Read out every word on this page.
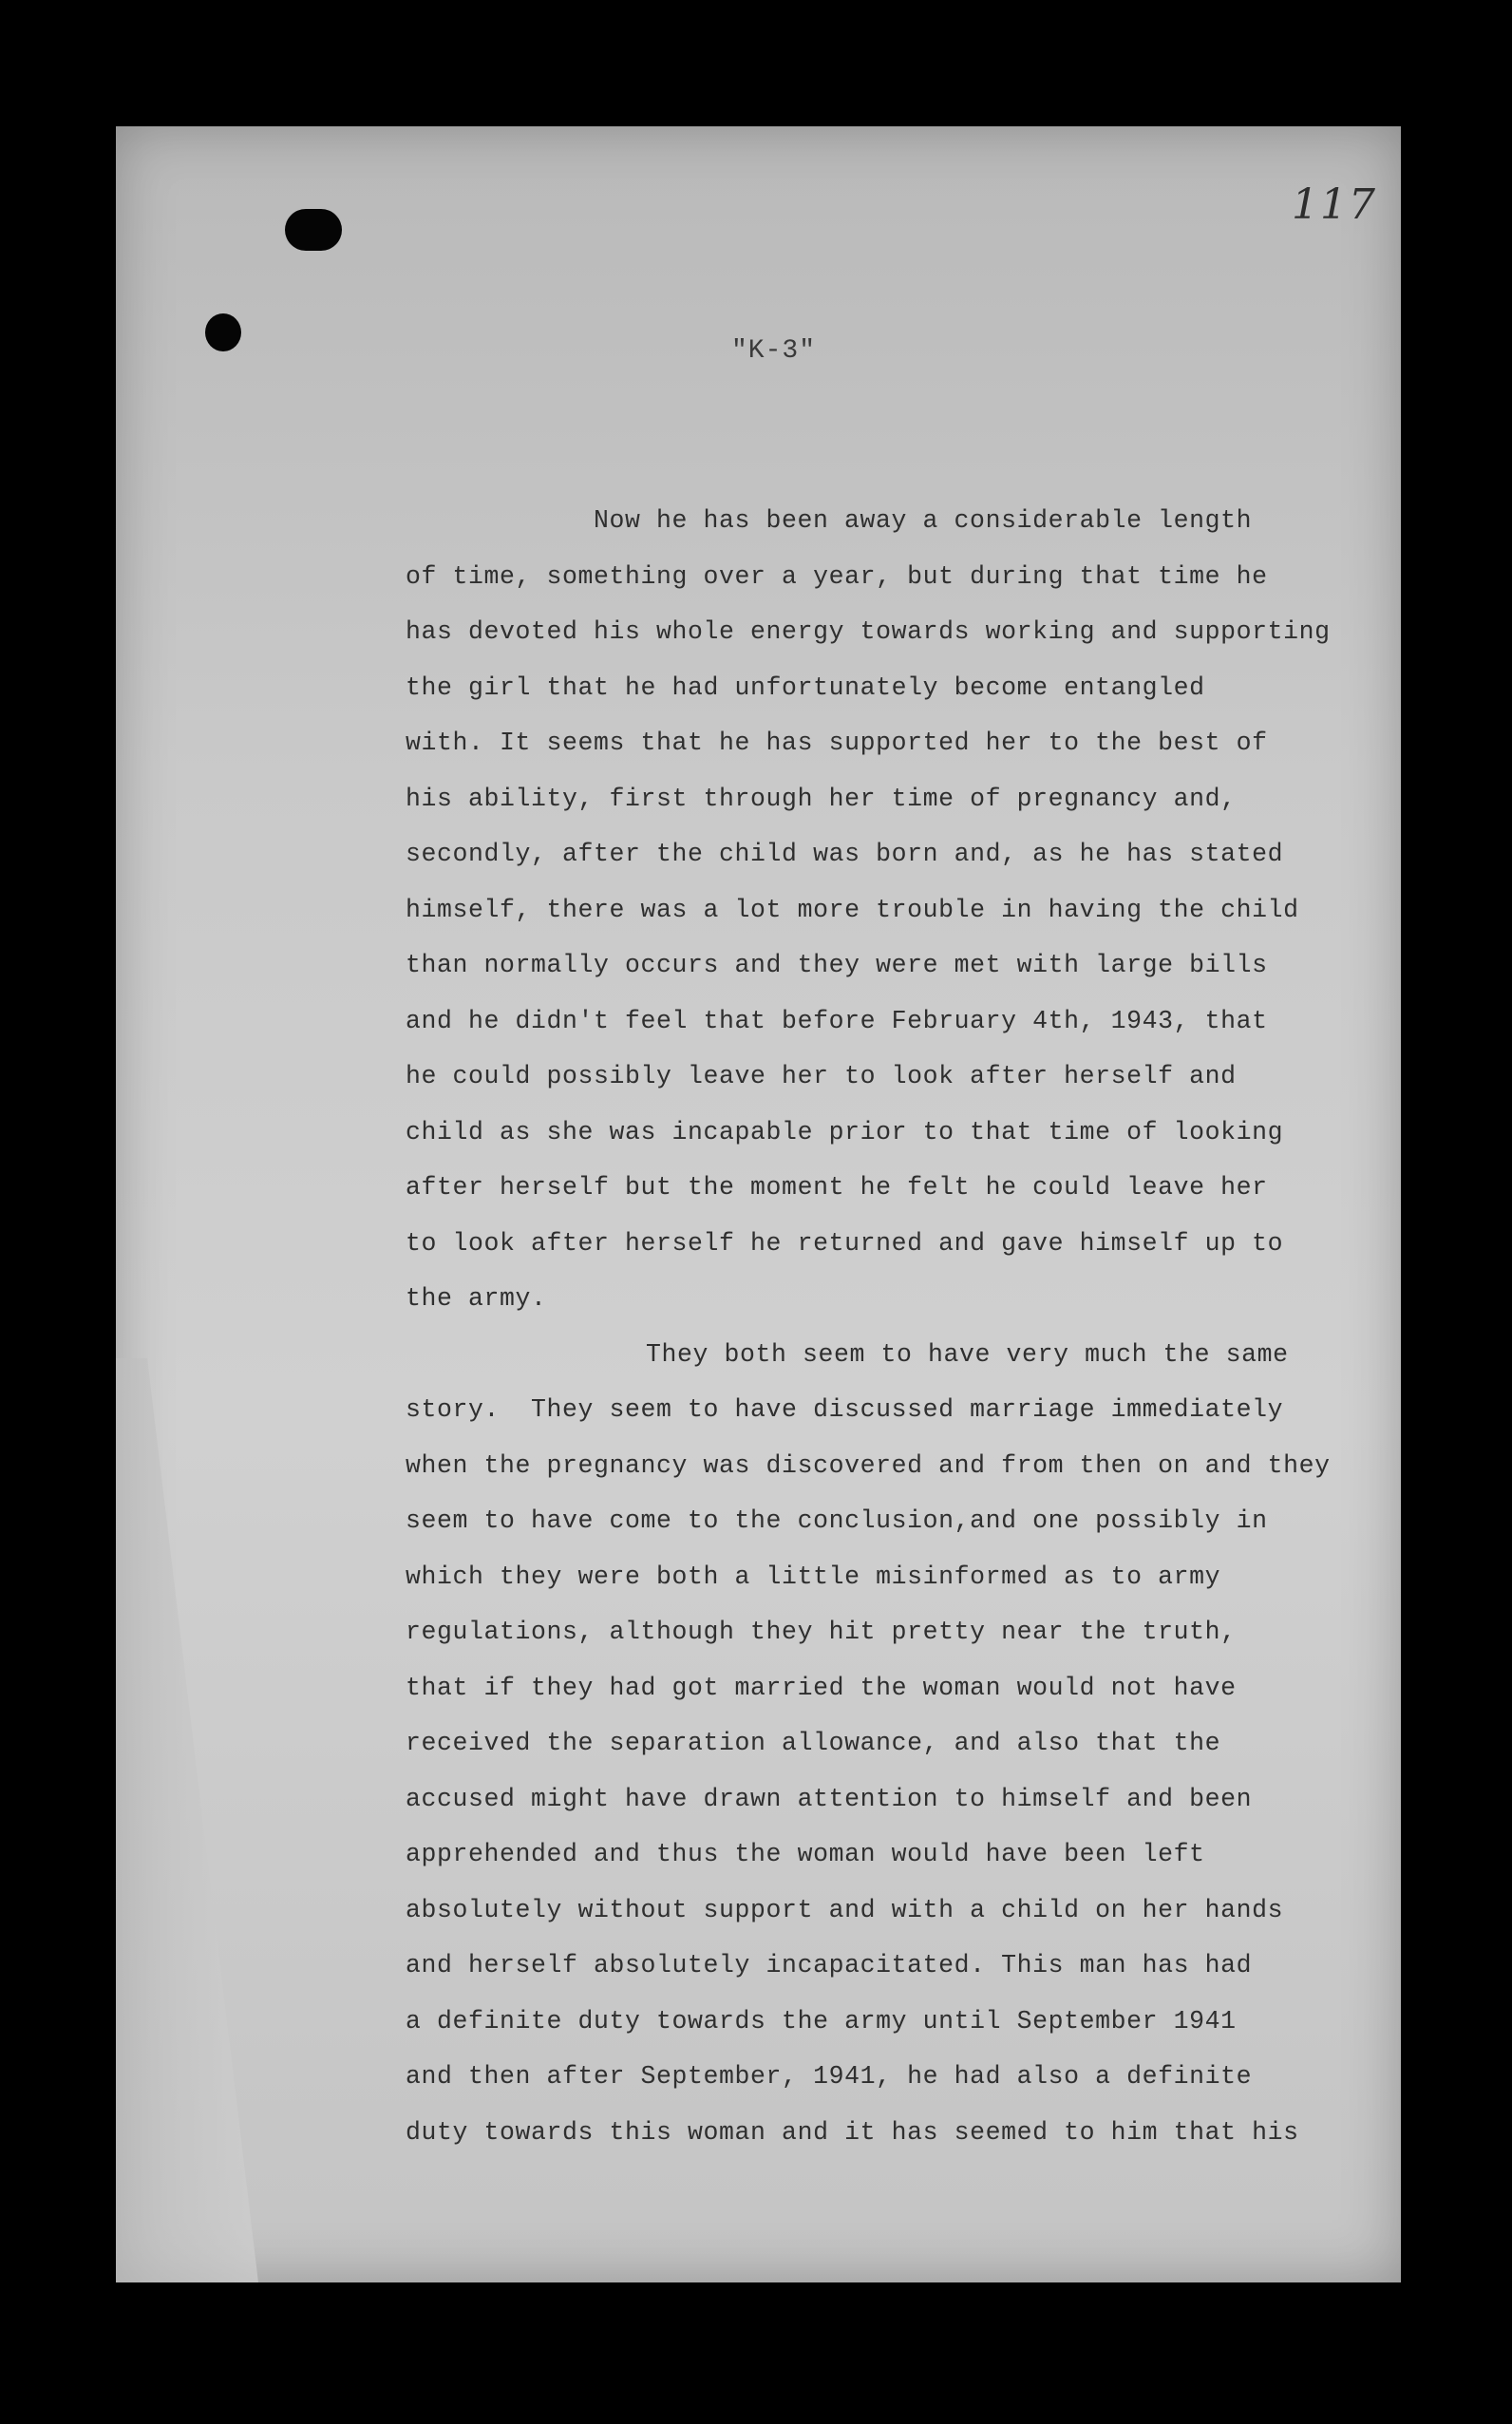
117
"K-3"
Now he has been away a considerable length
of time, something over a year, but during that time he
has devoted his whole energy towards working and supporting
the girl that he had unfortunately become entangled
with. It seems that he has supported her to the best of
his ability, first through her time of pregnancy and,
secondly, after the child was born and, as he has stated
himself, there was a lot more trouble in having the child
than normally occurs and they were met with large bills
and he didn't feel that before February 4th, 1943, that
he could possibly leave her to look after herself and
child as she was incapable prior to that time of looking
after herself but the moment he felt he could leave her
to look after herself he returned and gave himself up to
the army.
They both seem to have very much the same
story.  They seem to have discussed marriage immediately
when the pregnancy was discovered and from then on and they
seem to have come to the conclusion,and one possibly in
which they were both a little misinformed as to army
regulations, although they hit pretty near the truth,
that if they had got married the woman would not have
received the separation allowance, and also that the
accused might have drawn attention to himself and been
apprehended and thus the woman would have been left
absolutely without support and with a child on her hands
and herself absolutely incapacitated. This man has had
a definite duty towards the army until September 1941
and then after September, 1941, he had also a definite
duty towards this woman and it has seemed to him that his
